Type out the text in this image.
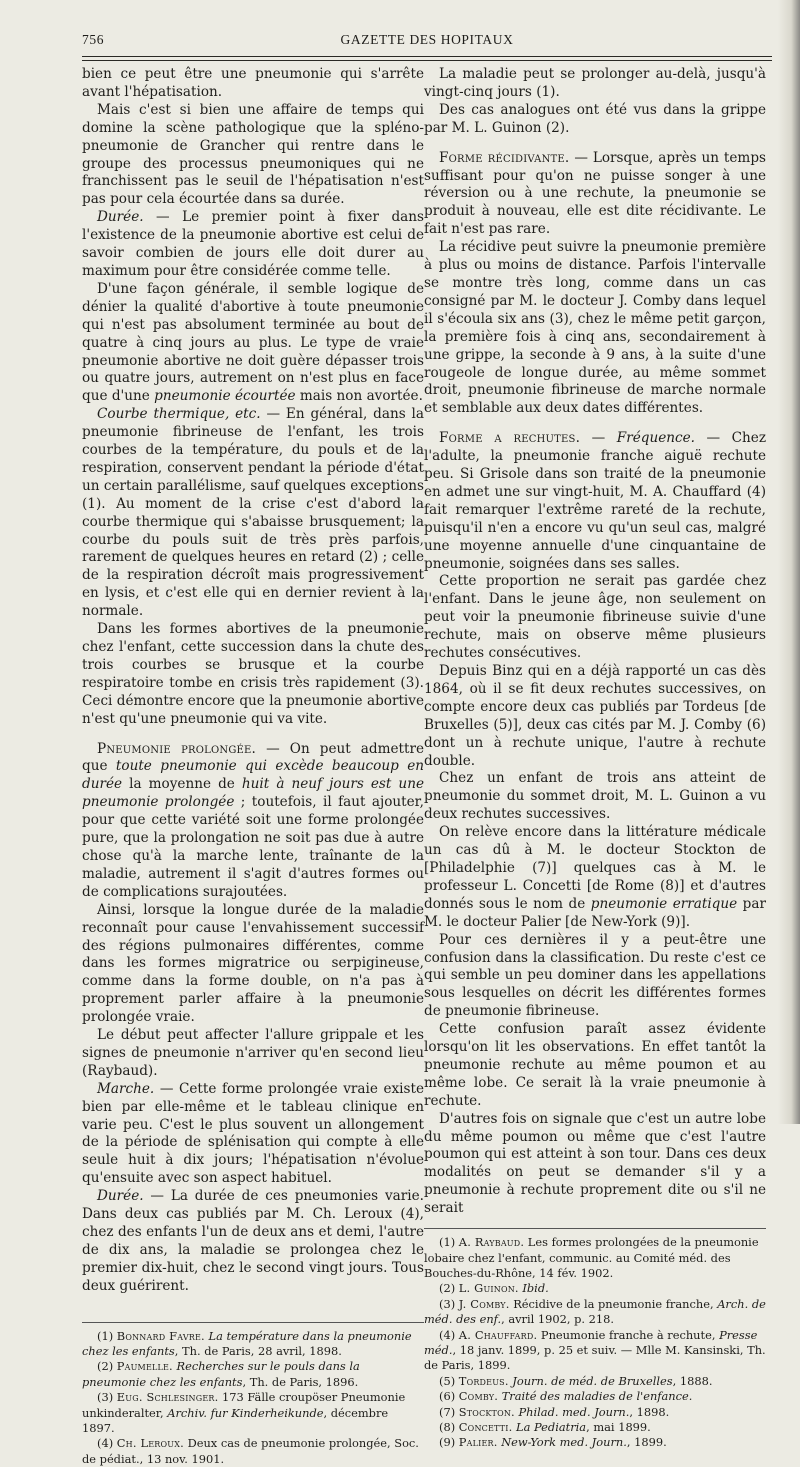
756	GAZETTE DES HOPITAUX

bien ce peut être une pneumonie qui s'arrête avant l'hépatisation.

Mais c'est si bien une affaire de temps qui domine la scène pathologique que la spléno-pneumonie de Grancher qui rentre dans le groupe des processus pneumoniques qui ne franchissent pas le seuil de l'hépatisation n'est pas pour cela écourtée dans sa durée.

Durée. — Le premier point à fixer dans l'existence de la pneumonie abortive est celui de savoir combien de jours elle doit durer au maximum pour être considérée comme telle.

D'une façon générale, il semble logique de dénier la qualité d'abortive à toute pneumonie qui n'est pas absolument terminée au bout de quatre à cinq jours au plus. Le type de vraie pneumonie abortive ne doit guère dépasser trois ou quatre jours, autrement on n'est plus en face que d'une pneumonie écourtée mais non avortée.

Courbe thermique, etc. — En général, dans la pneumonie fibrineuse de l'enfant, les trois courbes de la température, du pouls et de la respiration, conservent pendant la période d'état un certain parallélisme, sauf quelques exceptions (1). Au moment de la crise c'est d'abord la courbe thermique qui s'abaisse brusquement; la courbe du pouls suit de très près parfois, rarement de quelques heures en retard (2) ; celle de la respiration décroît mais progressivement en lysis, et c'est elle qui en dernier revient à la normale.

Dans les formes abortives de la pneumonie chez l'enfant, cette succession dans la chute des trois courbes se brusque et la courbe respiratoire tombe en crisis très rapidement (3). Ceci démontre encore que la pneumonie abortive n'est qu'une pneumonie qui va vite.

Pneumonie prolongée. — On peut admettre que toute pneumonie qui excède beaucoup en durée la moyenne de huit à neuf jours est une pneumonie prolongée ; toutefois, il faut ajouter, pour que cette variété soit une forme prolongée pure, que la prolongation ne soit pas due à autre chose qu'à la marche lente, traînante de la maladie, autrement il s'agit d'autres formes ou de complications surajoutées.

Ainsi, lorsque la longue durée de la maladie reconnaît pour cause l'envahissement successif des régions pulmonaires différentes, comme dans les formes migratrice ou serpigineuse, comme dans la forme double, on n'a pas à proprement parler affaire à la pneumonie prolongée vraie.

Le début peut affecter l'allure grippale et les signes de pneumonie n'arriver qu'en second lieu (Raybaud).

Marche. — Cette forme prolongée vraie existe bien par elle-même et le tableau clinique en varie peu. C'est le plus souvent un allongement de la période de splénisation qui compte à elle seule huit à dix jours; l'hépatisation n'évolue qu'ensuite avec son aspect habituel.

Durée. — La durée de ces pneumonies varie. Dans deux cas publiés par M. Ch. Leroux (4), chez des enfants l'un de deux ans et demi, l'autre de dix ans, la maladie se prolongea chez le premier dix-huit, chez le second vingt jours. Tous deux guérirent.

(1) Bonnard Favre. La température dans la pneumonie chez les enfants, Th. de Paris, 28 avril, 1898.

(2) Paumelle. Recherches sur le pouls dans la pneumonie chez les enfants, Th. de Paris, 1896.

(3) Eug. Schlesinger. 173 Fälle croupöser Pneumonie unkinderalter, Archiv. fur Kinderheikunde, décembre 1897.

(4) Ch. Leroux. Deux cas de pneumonie prolongée, Soc. de pédiat., 13 nov. 1901.

La maladie peut se prolonger au-delà, jusqu'à vingt-cinq jours (1).

Des cas analogues ont été vus dans la grippe par M. L. Guinon (2).

Forme récidivante. — Lorsque, après un temps suffisant pour qu'on ne puisse songer à une réversion ou à une rechute, la pneumonie se produit à nouveau, elle est dite récidivante. Le fait n'est pas rare.

La récidive peut suivre la pneumonie première à plus ou moins de distance. Parfois l'intervalle se montre très long, comme dans un cas consigné par M. le docteur J. Comby dans lequel il s'écoula six ans (3), chez le même petit garçon, la première fois à cinq ans, secondairement à une grippe, la seconde à 9 ans, à la suite d'une rougeole de longue durée, au même sommet droit, pneumonie fibrineuse de marche normale et semblable aux deux dates différentes.

Forme a rechutes. — Fréquence. — Chez l'adulte, la pneumonie franche aiguë rechute peu. Si Grisole dans son traité de la pneumonie en admet une sur vingt-huit, M. A. Chauffard (4) fait remarquer l'extrême rareté de la rechute, puisqu'il n'en a encore vu qu'un seul cas, malgré une moyenne annuelle d'une cinquantaine de pneumonie, soignées dans ses salles.

Cette proportion ne serait pas gardée chez l'enfant. Dans le jeune âge, non seulement on peut voir la pneumonie fibrineuse suivie d'une rechute, mais on observe même plusieurs rechutes consécutives.

Depuis Binz qui en a déjà rapporté un cas dès 1864, où il se fit deux rechutes successives, on compte encore deux cas publiés par Tordeus [de Bruxelles (5)], deux cas cités par M. J. Comby (6) dont un à rechute unique, l'autre à rechute double.

Chez un enfant de trois ans atteint de pneumonie du sommet droit, M. L. Guinon a vu deux rechutes successives.

On relève encore dans la littérature médicale un cas dû à M. le docteur Stockton de [Philadelphie (7)] quelques cas à M. le professeur L. Concetti [de Rome (8)] et d'autres donnés sous le nom de pneumonie erratique par M. le docteur Palier [de New-York (9)].

Pour ces dernières il y a peut-être une confusion dans la classification. Du reste c'est ce qui semble un peu dominer dans les appellations sous lesquelles on décrit les différentes formes de pneumonie fibrineuse.

Cette confusion paraît assez évidente lorsqu'on lit les observations. En effet tantôt la pneumonie rechute au même poumon et au même lobe. Ce serait là la vraie pneumonie à rechute.

D'autres fois on signale que c'est un autre lobe du même poumon ou même que c'est l'autre poumon qui est atteint à son tour. Dans ces deux modalités on peut se demander s'il y a pneumonie à rechute proprement dite ou s'il ne serait

(1) A. Raybaud. Les formes prolongées de la pneumonie lobaire chez l'enfant, communic. au Comité méd. des Bouches-du-Rhône, 14 fév. 1902.

(2) L. Guinon. Ibid.

(3) J. Comby. Récidive de la pneumonie franche, Arch. de méd. des enf., avril 1902, p. 218.

(4) A. Chauffard. Pneumonie franche à rechute, Presse méd., 18 janv. 1899, p. 25 et suiv. — Mlle M. Kansinski, Th. de Paris, 1899.

(5) Tordeus. Journ. de méd. de Bruxelles, 1888.

(6) Comby. Traité des maladies de l'enfance.

(7) Stockton. Philad. med. Journ., 1898.

(8) Concetti. La Pediatria, mai 1899.

(9) Palier. New-York med. Journ., 1899.
